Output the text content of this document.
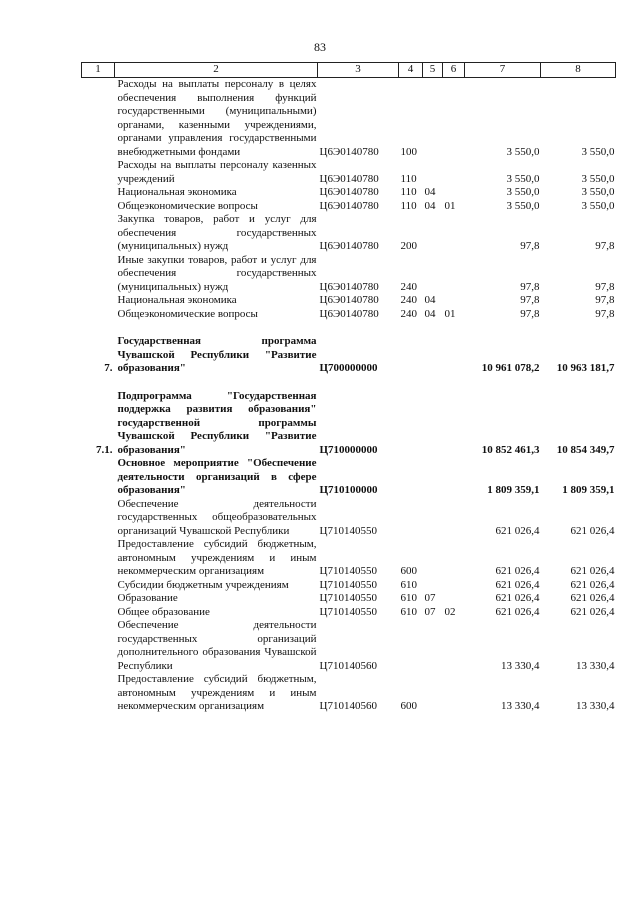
83
1	2	3	4	5	6	7	8
	Расходы на выплаты персоналу в целях обеспечения выполнения функций государственными (муниципальными) органами, казенными учреждениями, органами управления государственными внебюджетными фондами	Ц6Э0140780	100			3 550,0	3 550,0
	Расходы на выплаты персоналу казенных учреждений	Ц6Э0140780	110			3 550,0	3 550,0
	Национальная экономика	Ц6Э0140780	110	04		3 550,0	3 550,0
	Общеэкономические вопросы	Ц6Э0140780	110	04	01	3 550,0	3 550,0
	Закупка товаров, работ и услуг для обеспечения государственных (муниципальных) нужд	Ц6Э0140780	200			97,8	97,8
	Иные закупки товаров, работ и услуг для обеспечения государственных (муниципальных) нужд	Ц6Э0140780	240			97,8	97,8
	Национальная экономика	Ц6Э0140780	240	04		97,8	97,8
	Общеэкономические вопросы	Ц6Э0140780	240	04	01	97,8	97,8

7.	Государственная программа Чувашской Республики "Развитие образования"	Ц700000000				10 961 078,2	10 963 181,7

7.1.	Подпрограмма "Государственная поддержка развития образования" государственной программы Чувашской Республики "Развитие образования"	Ц710000000				10 852 461,3	10 854 349,7
	Основное мероприятие "Обеспечение деятельности организаций в сфере образования"	Ц710100000				1 809 359,1	1 809 359,1
	Обеспечение деятельности государственных общеобразовательных организаций Чувашской Республики	Ц710140550				621 026,4	621 026,4
	Предоставление субсидий бюджетным, автономным учреждениям и иным некоммерческим организациям	Ц710140550	600			621 026,4	621 026,4
	Субсидии бюджетным учреждениям	Ц710140550	610			621 026,4	621 026,4
	Образование	Ц710140550	610	07		621 026,4	621 026,4
	Общее образование	Ц710140550	610	07	02	621 026,4	621 026,4
	Обеспечение деятельности государственных организаций дополнительного образования Чувашской Республики	Ц710140560				13 330,4	13 330,4
	Предоставление субсидий бюджетным, автономным учреждениям и иным некоммерческим организациям	Ц710140560	600			13 330,4	13 330,4
